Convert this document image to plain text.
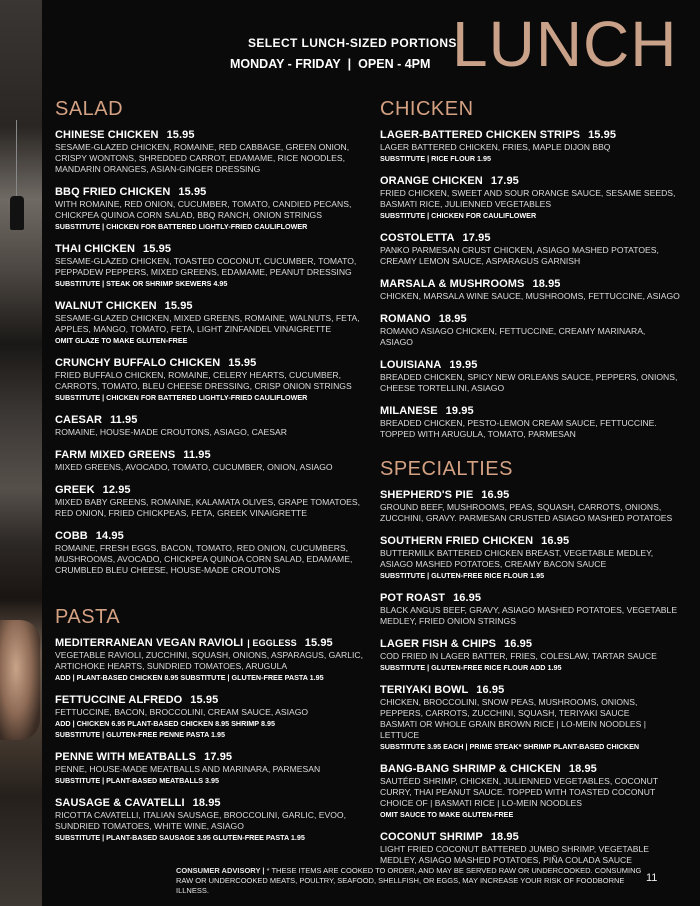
SELECT LUNCH-SIZED PORTIONS
MONDAY - FRIDAY | OPEN - 4PM LUNCH
SALAD
CHINESE CHICKEN 15.95
SESAME-GLAZED CHICKEN, ROMAINE, RED CABBAGE, GREEN ONION, CRISPY WONTONS, SHREDDED CARROT, EDAMAME, RICE NOODLES, MANDARIN ORANGES, ASIAN-GINGER DRESSING
BBQ FRIED CHICKEN 15.95
WITH ROMAINE, RED ONION, CUCUMBER, TOMATO, CANDIED PECANS, CHICKPEA QUINOA CORN SALAD, BBQ RANCH, ONION STRINGS
SUBSTITUTE | CHICKEN FOR BATTERED LIGHTLY-FRIED CAULIFLOWER
THAI CHICKEN 15.95
SESAME-GLAZED CHICKEN, TOASTED COCONUT, CUCUMBER, TOMATO, PEPPADEW PEPPERS, MIXED GREENS, EDAMAME, PEANUT DRESSING
SUBSTITUTE | STEAK OR SHRIMP SKEWERS 4.95
WALNUT CHICKEN 15.95
SESAME-GLAZED CHICKEN, MIXED GREENS, ROMAINE, WALNUTS, FETA, APPLES, MANGO, TOMATO, FETA, LIGHT ZINFANDEL VINAIGRETTE
OMIT GLAZE TO MAKE GLUTEN-FREE
CRUNCHY BUFFALO CHICKEN 15.95
FRIED BUFFALO CHICKEN, ROMAINE, CELERY HEARTS, CUCUMBER, CARROTS, TOMATO, BLEU CHEESE DRESSING, CRISP ONION STRINGS
SUBSTITUTE | CHICKEN FOR BATTERED LIGHTLY-FRIED CAULIFLOWER
CAESAR 11.95
ROMAINE, HOUSE-MADE CROUTONS, ASIAGO, CAESAR
FARM MIXED GREENS 11.95
MIXED GREENS, AVOCADO, TOMATO, CUCUMBER, ONION, ASIAGO
GREEK 12.95
MIXED BABY GREENS, ROMAINE, KALAMATA OLIVES, GRAPE TOMATOES, RED ONION, FRIED CHICKPEAS, FETA, GREEK VINAIGRETTE
COBB 14.95
ROMAINE, FRESH EGGS, BACON, TOMATO, RED ONION, CUCUMBERS, MUSHROOMS, AVOCADO, CHICKPEA QUINOA CORN SALAD, EDAMAME, CRUMBLED BLEU CHEESE, HOUSE-MADE CROUTONS
PASTA
MEDITERRANEAN VEGAN RAVIOLI | EGGLESS 15.95
VEGETABLE RAVIOLI, ZUCCHINI, SQUASH, ONIONS, ASPARAGUS, GARLIC, ARTICHOKE HEARTS, SUNDRIED TOMATOES, ARUGULA
ADD | PLANT-BASED CHICKEN 8.95 SUBSTITUTE | GLUTEN-FREE PASTA 1.95
FETTUCCINE ALFREDO 15.95
FETTUCCINE, BACON, BROCCOLINI, CREAM SAUCE, ASIAGO
ADD | CHICKEN 6.95 PLANT-BASED CHICKEN 8.95 SHRIMP 8.95
SUBSTITUTE | GLUTEN-FREE PENNE PASTA 1.95
PENNE WITH MEATBALLS 17.95
PENNE, HOUSE-MADE MEATBALLS AND MARINARA, PARMESAN
SUBSTITUTE | PLANT-BASED MEATBALLS 3.95
SAUSAGE & CAVATELLI 18.95
RICOTTA CAVATELLI, ITALIAN SAUSAGE, BROCCOLINI, GARLIC, EVOO, SUNDRIED TOMATOES, WHITE WINE, ASIAGO
SUBSTITUTE | PLANT-BASED SAUSAGE 3.95 GLUTEN-FREE PASTA 1.95
CHICKEN
LAGER-BATTERED CHICKEN STRIPS 15.95
LAGER BATTERED CHICKEN, FRIES, MAPLE DIJON BBQ
SUBSTITUTE | RICE FLOUR 1.95
ORANGE CHICKEN 17.95
FRIED CHICKEN, SWEET AND SOUR ORANGE SAUCE, SESAME SEEDS, BASMATI RICE, JULIENNED VEGETABLES
SUBSTITUTE | CHICKEN FOR CAULIFLOWER
COSTOLETTA 17.95
PANKO PARMESAN CRUST CHICKEN, ASIAGO MASHED POTATOES, CREAMY LEMON SAUCE, ASPARAGUS GARNISH
MARSALA & MUSHROOMS 18.95
CHICKEN, MARSALA WINE SAUCE, MUSHROOMS, FETTUCCINE, ASIAGO
ROMANO 18.95
ROMANO ASIAGO CHICKEN, FETTUCCINE, CREAMY MARINARA, ASIAGO
LOUISIANA 19.95
BREADED CHICKEN, SPICY NEW ORLEANS SAUCE, PEPPERS, ONIONS, CHEESE TORTELLINI, ASIAGO
MILANESE 19.95
BREADED CHICKEN, PESTO-LEMON CREAM SAUCE, FETTUCCINE. TOPPED WITH ARUGULA, TOMATO, PARMESAN
SPECIALTIES
SHEPHERD'S PIE 16.95
GROUND BEEF, MUSHROOMS, PEAS, SQUASH, CARROTS, ONIONS, ZUCCHINI, GRAVY. PARMESAN CRUSTED ASIAGO MASHED POTATOES
SOUTHERN FRIED CHICKEN 16.95
BUTTERMILK BATTERED CHICKEN BREAST, VEGETABLE MEDLEY, ASIAGO MASHED POTATOES, CREAMY BACON SAUCE
SUBSTITUTE | GLUTEN-FREE RICE FLOUR 1.95
POT ROAST 16.95
BLACK ANGUS BEEF, GRAVY, ASIAGO MASHED POTATOES, VEGETABLE MEDLEY, FRIED ONION STRINGS
LAGER FISH & CHIPS 16.95
COD FRIED IN LAGER BATTER, FRIES, COLESLAW, TARTAR SAUCE
SUBSTITUTE | GLUTEN-FREE RICE FLOUR ADD 1.95
TERIYAKI BOWL 16.95
CHICKEN, BROCCOLINI, SNOW PEAS, MUSHROOMS, ONIONS, PEPPERS, CARROTS, ZUCCHINI, SQUASH, TERIYAKI SAUCE
BASMATI OR WHOLE GRAIN BROWN RICE | LO-MEIN NOODLES | LETTUCE
SUBSTITUTE 3.95 EACH | PRIME STEAK* SHRIMP PLANT-BASED CHICKEN
BANG-BANG SHRIMP & CHICKEN 18.95
SAUTÉED SHRIMP, CHICKEN, JULIENNED VEGETABLES, COCONUT CURRY, THAI PEANUT SAUCE. TOPPED WITH TOASTED COCONUT
CHOICE OF | BASMATI RICE | LO-MEIN NOODLES
OMIT SAUCE TO MAKE GLUTEN-FREE
COCONUT SHRIMP 18.95
LIGHT FRIED COCONUT BATTERED JUMBO SHRIMP, VEGETABLE MEDLEY, ASIAGO MASHED POTATOES, PIÑA COLADA SAUCE
CONSUMER ADVISORY | * THESE ITEMS ARE COOKED TO ORDER, AND MAY BE SERVED RAW OR UNDERCOOKED. CONSUMING RAW OR UNDERCOOKED MEATS, POULTRY, SEAFOOD, SHELLFISH, OR EGGS, MAY INCREASE YOUR RISK OF FOODBORNE ILLNESS.
11
